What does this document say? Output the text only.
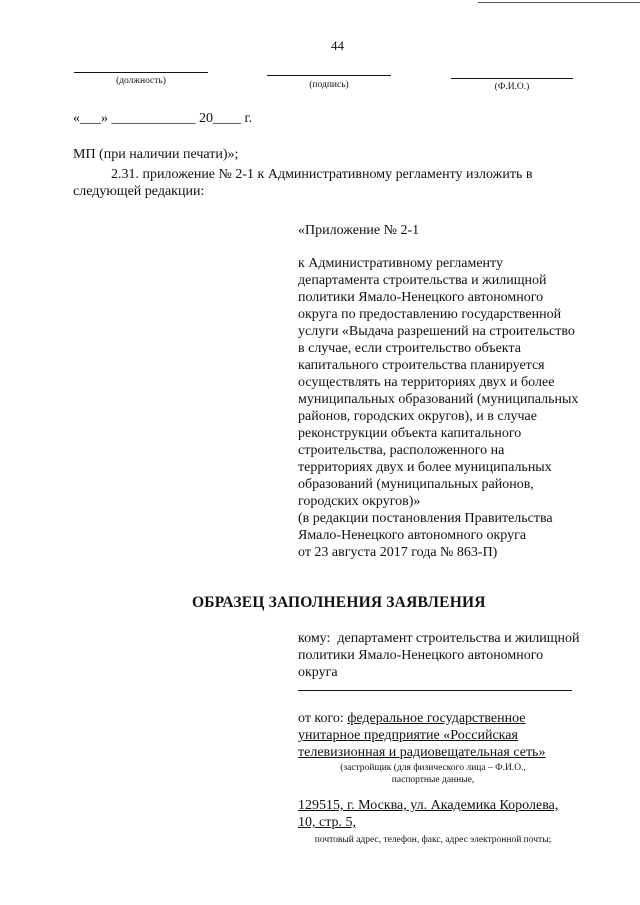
44
(должность)	(подпись)	(Ф.И.О.)
«___» ____________ 20____ г.
МП (при наличии печати)»;
2.31. приложение № 2-1 к Административному регламенту изложить в
следующей редакции:
«Приложение № 2-1
к Административному регламенту
департамента строительства и жилищной
политики Ямало-Ненецкого автономного
округа по предоставлению государственной
услуги «Выдача разрешений на строительство
в случае, если строительство объекта
капитального строительства планируется
осуществлять на территориях двух и более
муниципальных образований (муниципальных
районов, городских округов), и в случае
реконструкции объекта капитального
строительства, расположенного на
территориях двух и более муниципальных
образований (муниципальных районов,
городских округов)»
(в редакции постановления Правительства
Ямало-Ненецкого автономного округа
от 23 августа 2017 года № 863-П)
ОБРАЗЕЦ ЗАПОЛНЕНИЯ ЗАЯВЛЕНИЯ
кому:  департамент строительства и жилищной
политики Ямало-Ненецкого автономного
округа
от кого: федеральное государственное
унитарное предприятие «Российская
телевизионная и радиовещательная сеть»
(застройщик (для физического лица – Ф.И.О.,
паспортные данные,
129515, г. Москва, ул. Академика Королева,
10, стр. 5,
почтовый адрес, телефон, факс, адрес электронной почты;
